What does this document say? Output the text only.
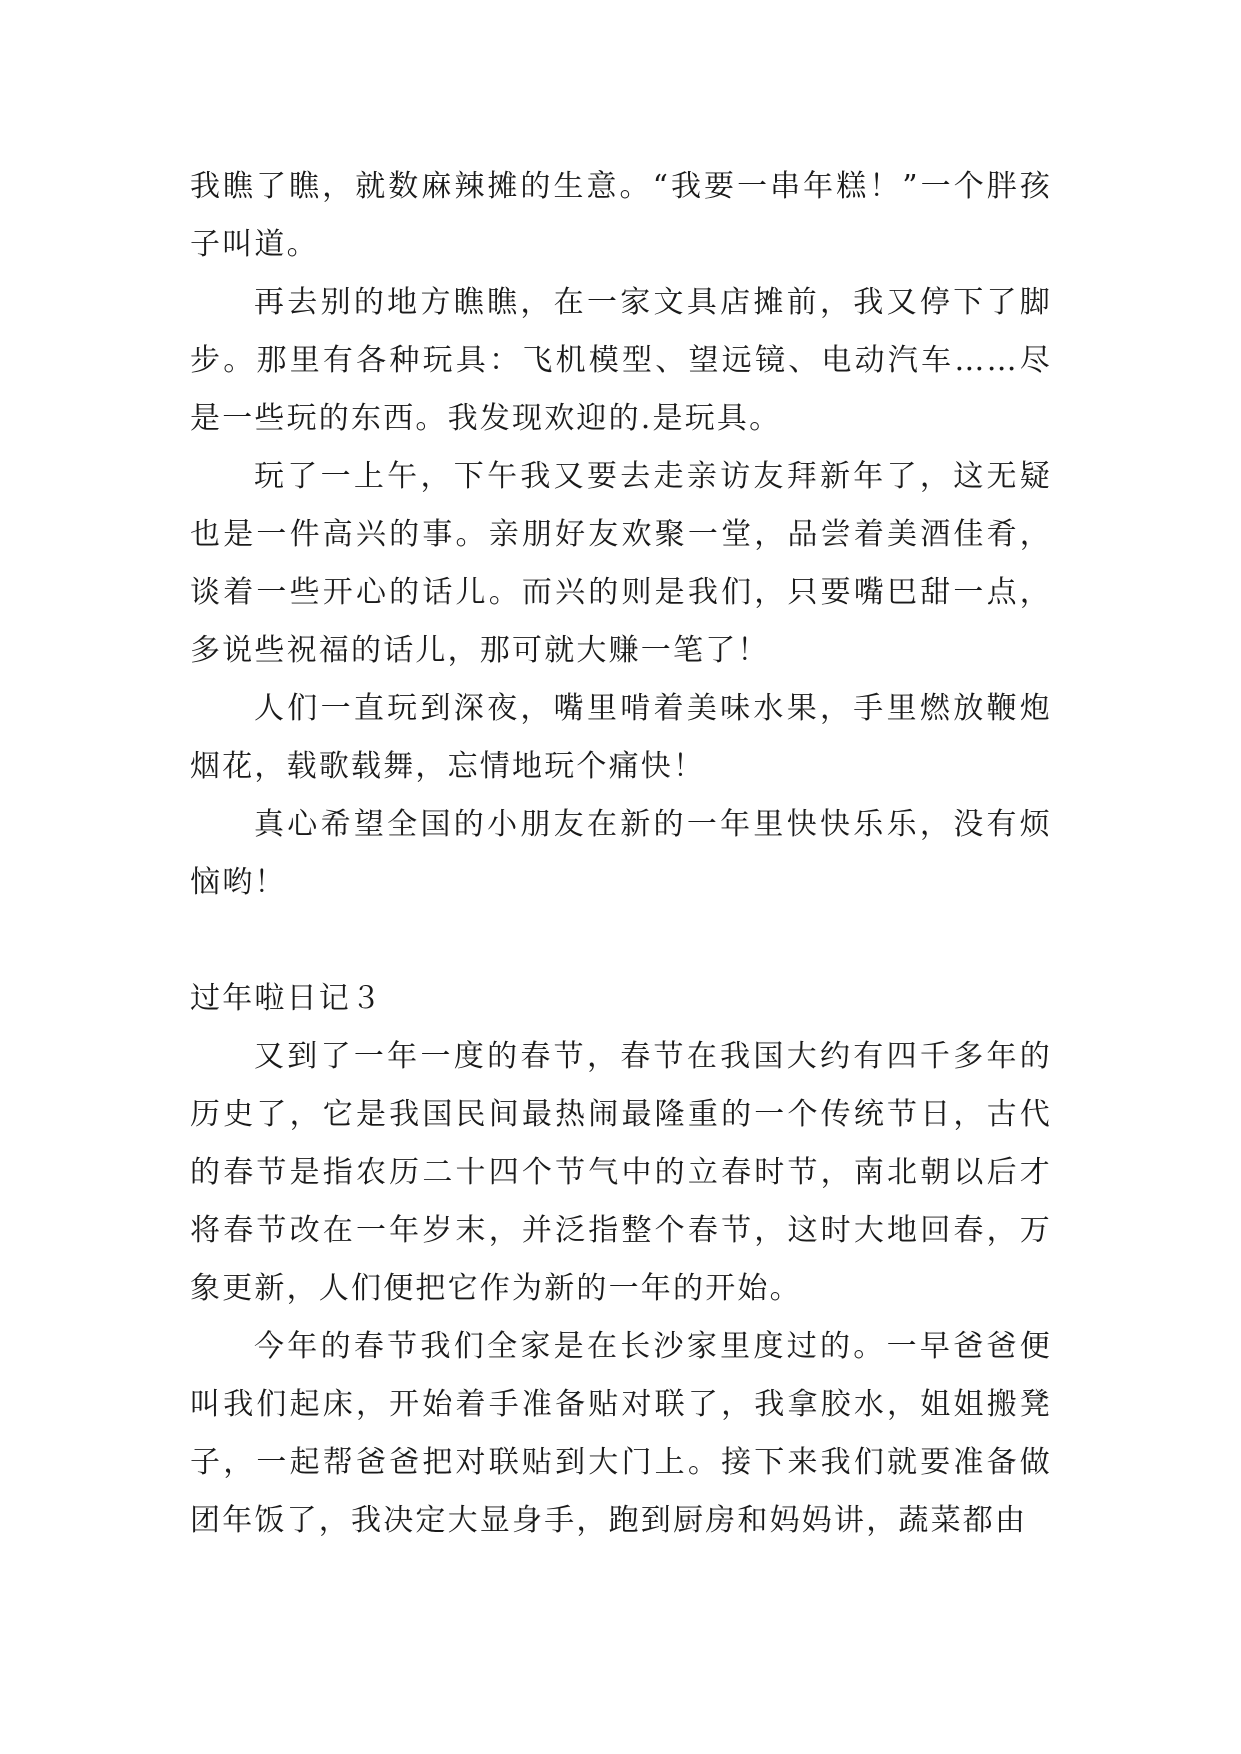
我瞧了瞧，就数麻辣摊的生意。“我要一串年糕！”一个胖孩子叫道。

再去别的地方瞧瞧，在一家文具店摊前，我又停下了脚步。那里有各种玩具：飞机模型、望远镜、电动汽车……尽是一些玩的东西。我发现欢迎的.是玩具。

玩了一上午，下午我又要去走亲访友拜新年了，这无疑也是一件高兴的事。亲朋好友欢聚一堂，品尝着美酒佳肴，谈着一些开心的话儿。而兴的则是我们，只要嘴巴甜一点，多说些祝福的话儿，那可就大赚一笔了！

人们一直玩到深夜，嘴里啃着美味水果，手里燃放鞭炮烟花，载歌载舞，忘情地玩个痛快！

真心希望全国的小朋友在新的一年里快快乐乐，没有烦恼哟！

过年啦日记３

又到了一年一度的春节，春节在我国大约有四千多年的历史了，它是我国民间最热闹最隆重的一个传统节日，古代的春节是指农历二十四个节气中的立春时节，南北朝以后才将春节改在一年岁末，并泛指整个春节，这时大地回春，万象更新，人们便把它作为新的一年的开始。

今年的春节我们全家是在长沙家里度过的。一早爸爸便叫我们起床，开始着手准备贴对联了，我拿胶水，姐姐搬凳子，一起帮爸爸把对联贴到大门上。接下来我们就要准备做团年饭了，我决定大显身手，跑到厨房和妈妈讲，蔬菜都由
